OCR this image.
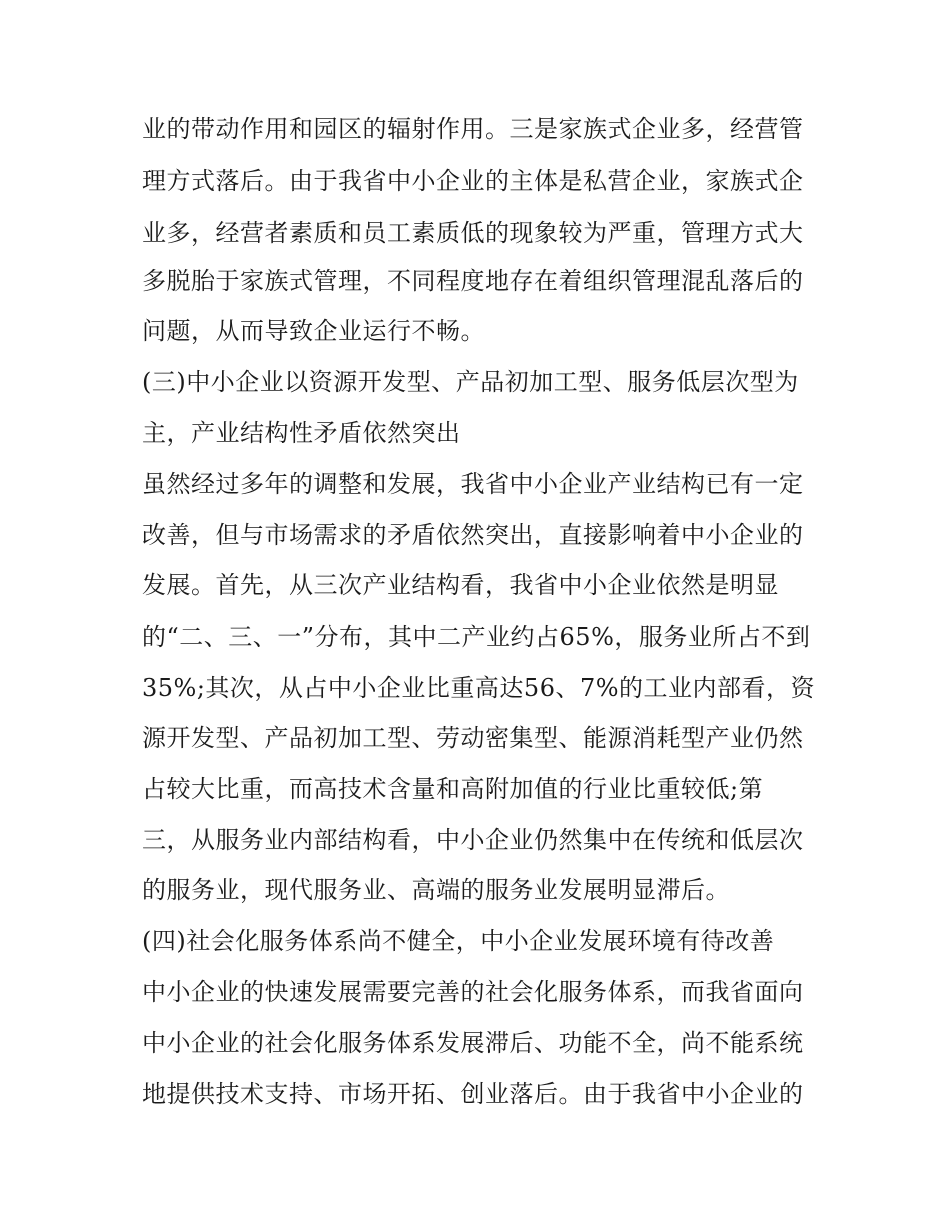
业的带动作用和园区的辐射作用。三是家族式企业多，经营管
理方式落后。由于我省中小企业的主体是私营企业，家族式企
业多，经营者素质和员工素质低的现象较为严重，管理方式大
多脱胎于家族式管理，不同程度地存在着组织管理混乱落后的
问题，从而导致企业运行不畅。
(三)中小企业以资源开发型、产品初加工型、服务低层次型为
主，产业结构性矛盾依然突出
虽然经过多年的调整和发展，我省中小企业产业结构已有一定
改善，但与市场需求的矛盾依然突出，直接影响着中小企业的
发展。首先，从三次产业结构看，我省中小企业依然是明显
的“二、三、一”分布，其中二产业约占65%，服务业所占不到
35%;其次，从占中小企业比重高达56、7%的工业内部看，资
源开发型、产品初加工型、劳动密集型、能源消耗型产业仍然
占较大比重，而高技术含量和高附加值的行业比重较低;第
三，从服务业内部结构看，中小企业仍然集中在传统和低层次
的服务业，现代服务业、高端的服务业发展明显滞后。
(四)社会化服务体系尚不健全，中小企业发展环境有待改善
中小企业的快速发展需要完善的社会化服务体系，而我省面向
中小企业的社会化服务体系发展滞后、功能不全，尚不能系统
地提供技术支持、市场开拓、创业落后。由于我省中小企业的
